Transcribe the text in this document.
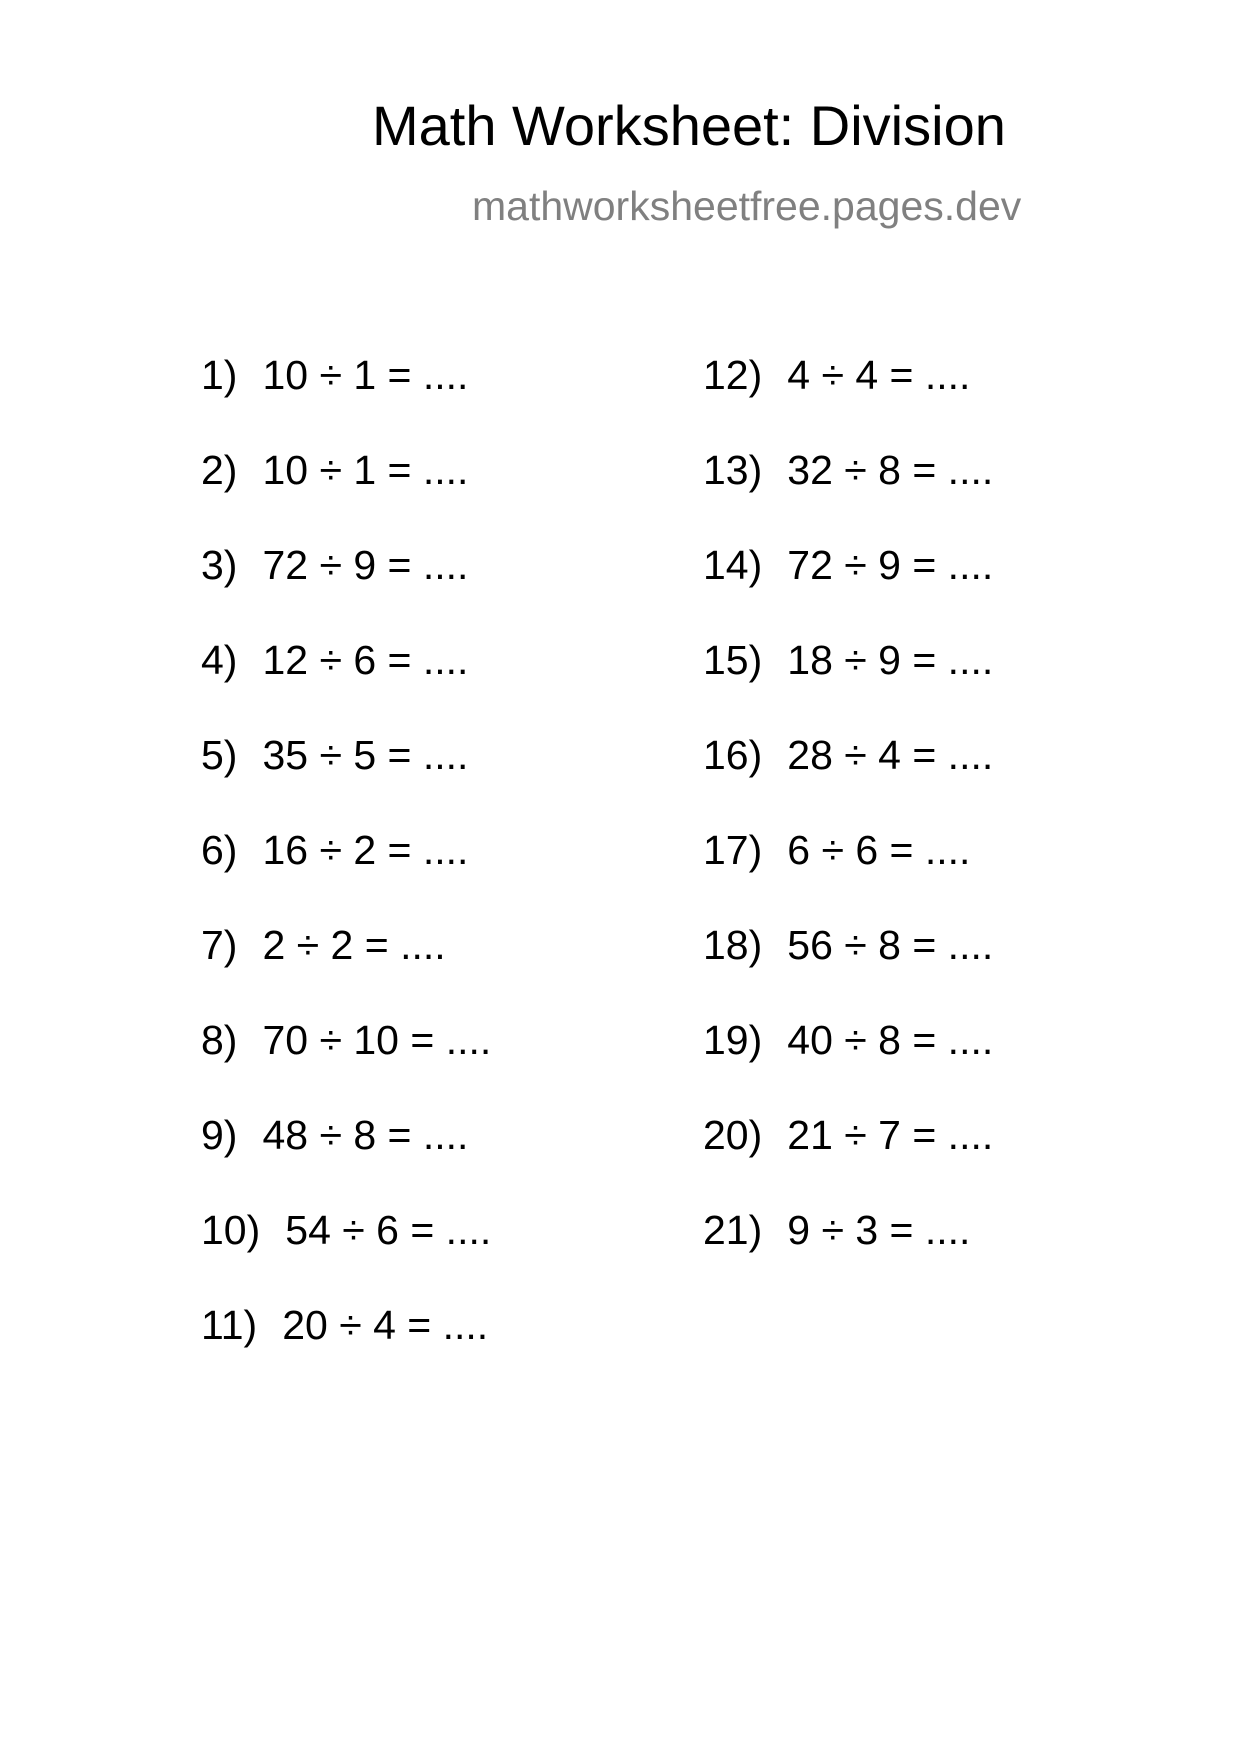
Math Worksheet: Division
mathworksheetfree.pages.dev
1) 10 ÷ 1 = ....
2) 10 ÷ 1 = ....
3) 72 ÷ 9 = ....
4) 12 ÷ 6 = ....
5) 35 ÷ 5 = ....
6) 16 ÷ 2 = ....
7) 2 ÷ 2 = ....
8) 70 ÷ 10 = ....
9) 48 ÷ 8 = ....
10) 54 ÷ 6 = ....
11) 20 ÷ 4 = ....
12) 4 ÷ 4 = ....
13) 32 ÷ 8 = ....
14) 72 ÷ 9 = ....
15) 18 ÷ 9 = ....
16) 28 ÷ 4 = ....
17) 6 ÷ 6 = ....
18) 56 ÷ 8 = ....
19) 40 ÷ 8 = ....
20) 21 ÷ 7 = ....
21) 9 ÷ 3 = ....
